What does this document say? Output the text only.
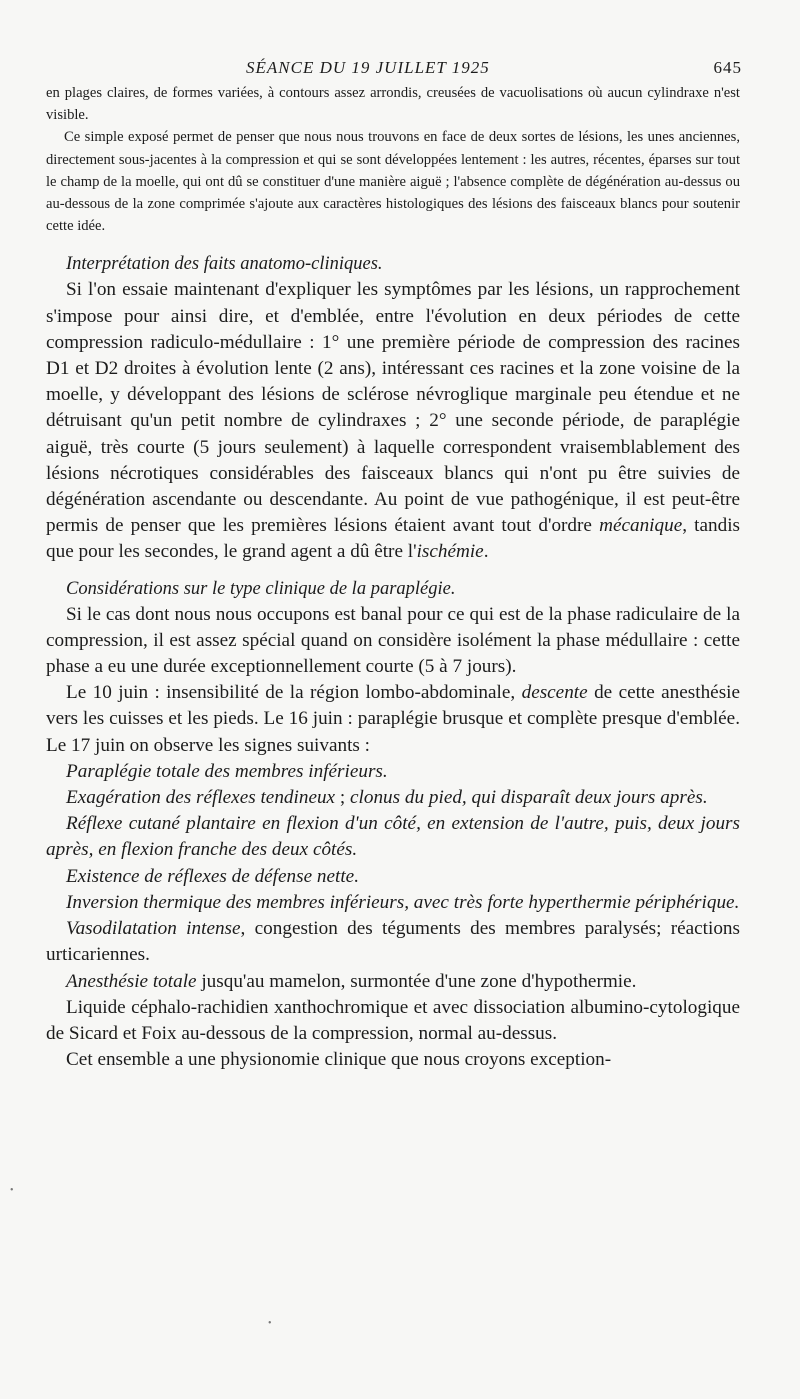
SÉANCE DU 19 JUILLET 1925	645

en plages claires, de formes variées, à contours assez arrondis, creusées de vacuolisations où aucun cylindraxe n'est visible.

Ce simple exposé permet de penser que nous nous trouvons en face de deux sortes de lésions, les unes anciennes, directement sous-jacentes à la compression et qui se sont développées lentement : les autres, récentes, éparses sur tout le champ de la moelle, qui ont dû se constituer d'une manière aiguë ; l'absence complète de dégénération au-dessus ou au-dessous de la zone comprimée s'ajoute aux caractères histologiques des lésions des faisceaux blancs pour soutenir cette idée.

Interprétation des faits anatomo-cliniques.

Si l'on essaie maintenant d'expliquer les symptômes par les lésions, un rapprochement s'impose pour ainsi dire, et d'emblée, entre l'évolution en deux périodes de cette compression radiculo-médullaire : 1° une première période de compression des racines D1 et D2 droites à évolution lente (2 ans), intéressant ces racines et la zone voisine de la moelle, y développant des lésions de sclérose névroglique marginale peu étendue et ne détruisant qu'un petit nombre de cylindraxes ; 2° une seconde période, de paraplégie aiguë, très courte (5 jours seulement) à laquelle correspondent vraisemblablement des lésions nécrotiques considérables des faisceaux blancs qui n'ont pu être suivies de dégénération ascendante ou descendante. Au point de vue pathogénique, il est peut-être permis de penser que les premières lésions étaient avant tout d'ordre mécanique, tandis que pour les secondes, le grand agent a dû être l'ischémie.

Considérations sur le type clinique de la paraplégie.

Si le cas dont nous nous occupons est banal pour ce qui est de la phase radiculaire de la compression, il est assez spécial quand on considère isolément la phase médullaire : cette phase a eu une durée exceptionnellement courte (5 à 7 jours).

Le 10 juin : insensibilité de la région lombo-abdominale, descente de cette anesthésie vers les cuisses et les pieds. Le 16 juin : paraplégie brusque et complète presque d'emblée. Le 17 juin on observe les signes suivants :

Paraplégie totale des membres inférieurs.

Exagération des réflexes tendineux ; clonus du pied, qui disparaît deux jours après.

Réflexe cutané plantaire en flexion d'un côté, en extension de l'autre, puis, deux jours après, en flexion franche des deux côtés.

Existence de réflexes de défense nette.

Inversion thermique des membres inférieurs, avec très forte hyperthermie périphérique.

Vasodilatation intense, congestion des téguments des membres paralysés; réactions urticariennes.

Anesthésie totale jusqu'au mamelon, surmontée d'une zone d'hypothermie.

Liquide céphalo-rachidien xanthochromique et avec dissociation albumino-cytologique de Sicard et Foix au-dessous de la compression, normal au-dessus.

Cet ensemble a une physionomie clinique que nous croyons exception-

•
•
